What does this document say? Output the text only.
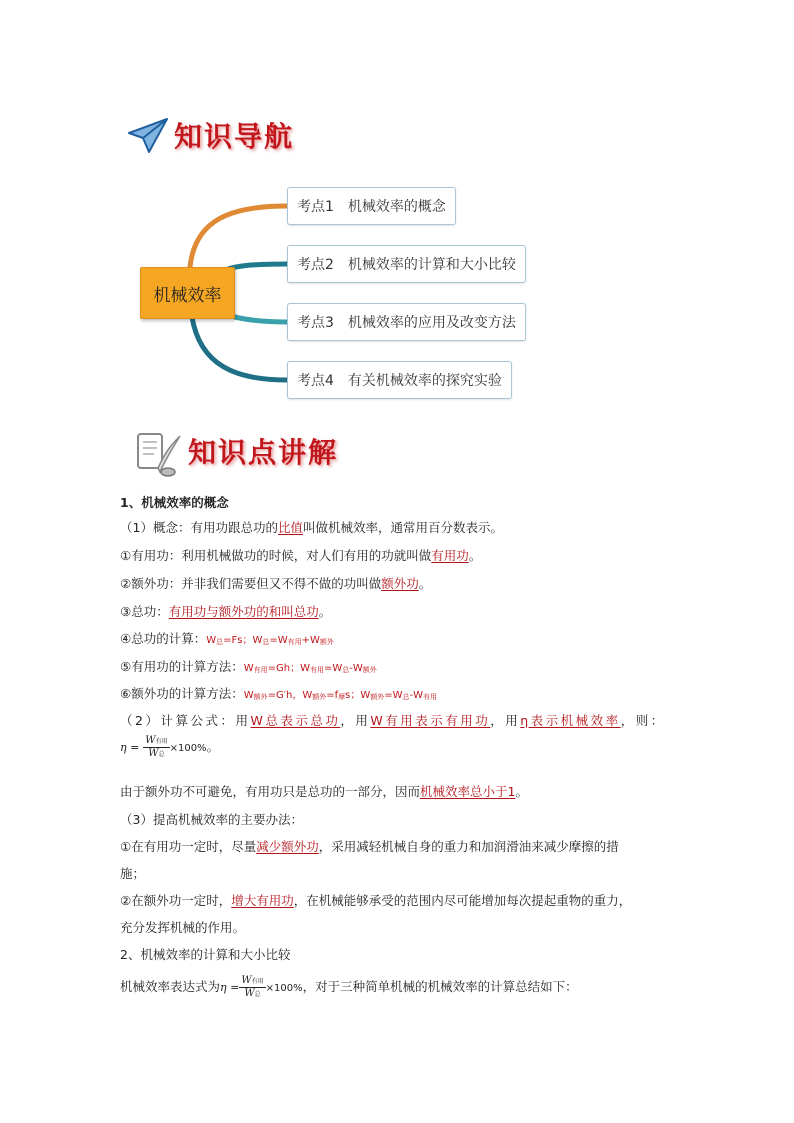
知识导航
机械效率
考点1 机械效率的概念
考点2 机械效率的计算和大小比较
考点3 机械效率的应用及改变方法
考点4 有关机械效率的探究实验
知识点讲解
1、机械效率的概念
（1）概念：有用功跟总功的比值叫做机械效率，通常用百分数表示。
①有用功：利用机械做功的时候，对人们有用的功就叫做有用功。
②额外功：并非我们需要但又不得不做的功叫做额外功。
③总功：有用功与额外功的和叫总功。
④总功的计算：W总=Fs；W总=W有用+W额外
⑤有用功的计算方法：W有用=Gh；W有用=W总-W额外
⑥额外功的计算方法：W额外=G′h，W额外=f摩s；W额外=W总-W有用
（2）计算公式：用W总表示总功，用W有用表示有用功，用η表示机械效率，则：
$\eta = \frac{\text{W有用}}{\text{W总}} \times 100\%$。
由于额外功不可避免，有用功只是总功的一部分，因而机械效率总小于1。
（3）提高机械效率的主要办法：
①在有用功一定时，尽量减少额外功，采用减轻机械自身的重力和加润滑油来减少摩擦的措
施；
②在额外功一定时，增大有用功，在机械能够承受的范围内尽可能增加每次提起重物的重力，
充分发挥机械的作用。
2、机械效率的计算和大小比较
机械效率表达式为$\eta = \frac{\text{W有用}}{\text{W总}} \times 100\%$，对于三种简单机械的机械效率的计算总结如下：
